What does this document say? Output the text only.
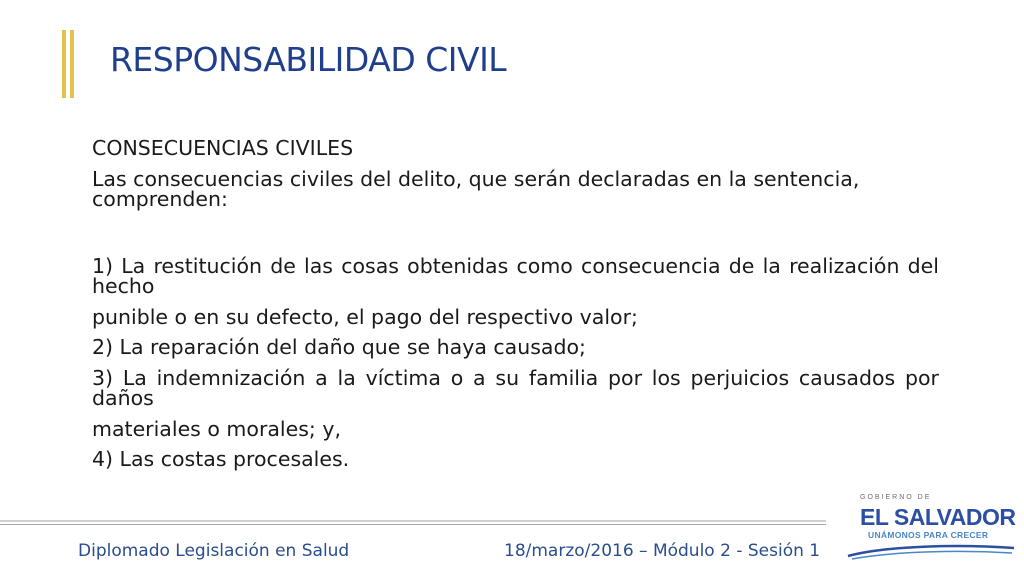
RESPONSABILIDAD CIVIL

CONSECUENCIAS CIVILES

Las consecuencias civiles del delito, que serán declaradas en la sentencia, comprenden:

1) La restitución de las cosas obtenidas como consecuencia de la realización del hecho

punible o en su defecto, el pago del respectivo valor;

2) La reparación del daño que se haya causado;

3) La indemnización a la víctima o a su familia por los perjuicios causados por daños

materiales o morales; y,

4) Las costas procesales.

Diplomado Legislación en Salud	18/marzo/2016 – Módulo 2 - Sesión 1
GOBIERNO DE
EL SALVADOR
UNÁMONOS PARA CRECER
